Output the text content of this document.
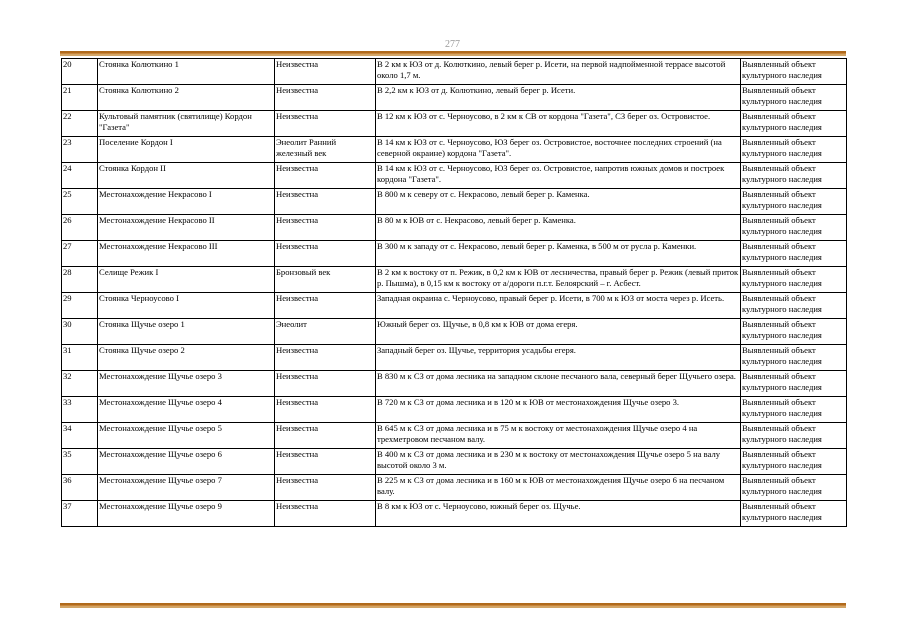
277
20	Стоянка Колюткино 1	Неизвестна	В 2 км к ЮЗ от д. Колюткино, левый берег р. Исети, на первой надпойменной террасе высотой около 1,7 м.	Выявленный объект культурного наследия
21	Стоянка Колюткино 2	Неизвестна	В 2,2 км к ЮЗ от д. Колюткино, левый берег р. Исети.	Выявленный объект культурного наследия
22	Культовый памятник (святилище) Кордон "Газета"	Неизвестна	В 12 км к ЮЗ от с. Черноусово, в 2 км к СВ от кордона "Газета", СЗ берег оз. Островистое.	Выявленный объект культурного наследия
23	Поселение Кордон I	Энеолит Ранний железный век	В 14 км к ЮЗ от с. Черноусово, ЮЗ берег оз. Островистое, восточнее последних строений (на северной окраине) кордона "Газета".	Выявленный объект культурного наследия
24	Стоянка Кордон II	Неизвестна	В 14 км к ЮЗ от с. Черноусово, ЮЗ берег оз. Островистое, напротив южных домов и построек кордона "Газета".	Выявленный объект культурного наследия
25	Местонахождение Некрасово I	Неизвестна	В 800 м к северу от с. Некрасово, левый берег р. Каменка.	Выявленный объект культурного наследия
26	Местонахождение Некрасово II	Неизвестна	В 80 м к ЮВ от с. Некрасово, левый берег р. Каменка.	Выявленный объект культурного наследия
27	Местонахождение Некрасово III	Неизвестна	В 300 м к западу от с. Некрасово, левый берег р. Каменка, в 500 м от русла р. Каменки.	Выявленный объект культурного наследия
28	Селище Режик I	Бронзовый век	В 2 км к востоку от п. Режик, в 0,2 км к ЮВ от лесничества, правый берег р. Режик (левый приток р. Пышма), в 0,15 км к востоку от а/дороги п.г.т. Белоярский – г. Асбест.	Выявленный объект культурного наследия
29	Стоянка Черноусово I	Неизвестна	Западная окраина с. Черноусово, правый берег р. Исети, в 700 м к ЮЗ от моста через р. Исеть.	Выявленный объект культурного наследия
30	Стоянка Щучье озеро 1	Энеолит	Южный берег оз. Щучье, в 0,8 км к ЮВ от дома егеря.	Выявленный объект культурного наследия
31	Стоянка Щучье озеро 2	Неизвестна	Западный берег оз. Щучье, территория усадьбы егеря.	Выявленный объект культурного наследия
32	Местонахождение Щучье озеро 3	Неизвестна	В 830 м к СЗ от дома лесника на западном склоне песчаного вала, северный берег Щучьего озера.	Выявленный объект культурного наследия
33	Местонахождение Щучье озеро 4	Неизвестна	В 720 м к СЗ от дома лесника и в 120 м к ЮВ от местонахождения Щучье озеро 3.	Выявленный объект культурного наследия
34	Местонахождение Щучье озеро 5	Неизвестна	В 645 м к СЗ от дома лесника и в 75 м к востоку от местонахождения Щучье озеро 4 на трехметровом песчаном валу.	Выявленный объект культурного наследия
35	Местонахождение Щучье озеро 6	Неизвестна	В 400 м к СЗ от дома лесника и в 230 м к востоку от местонахождения Щучье озеро 5 на валу высотой около 3 м.	Выявленный объект культурного наследия
36	Местонахождение Щучье озеро 7	Неизвестна	В 225 м к СЗ от дома лесника и в 160 м к ЮВ от местонахождения Щучье озеро 6 на песчаном валу.	Выявленный объект культурного наследия
37	Местонахождение Щучье озеро 9	Неизвестна	В 8 км к ЮЗ от с. Черноусово, южный берег оз. Щучье.	Выявленный объект культурного наследия
